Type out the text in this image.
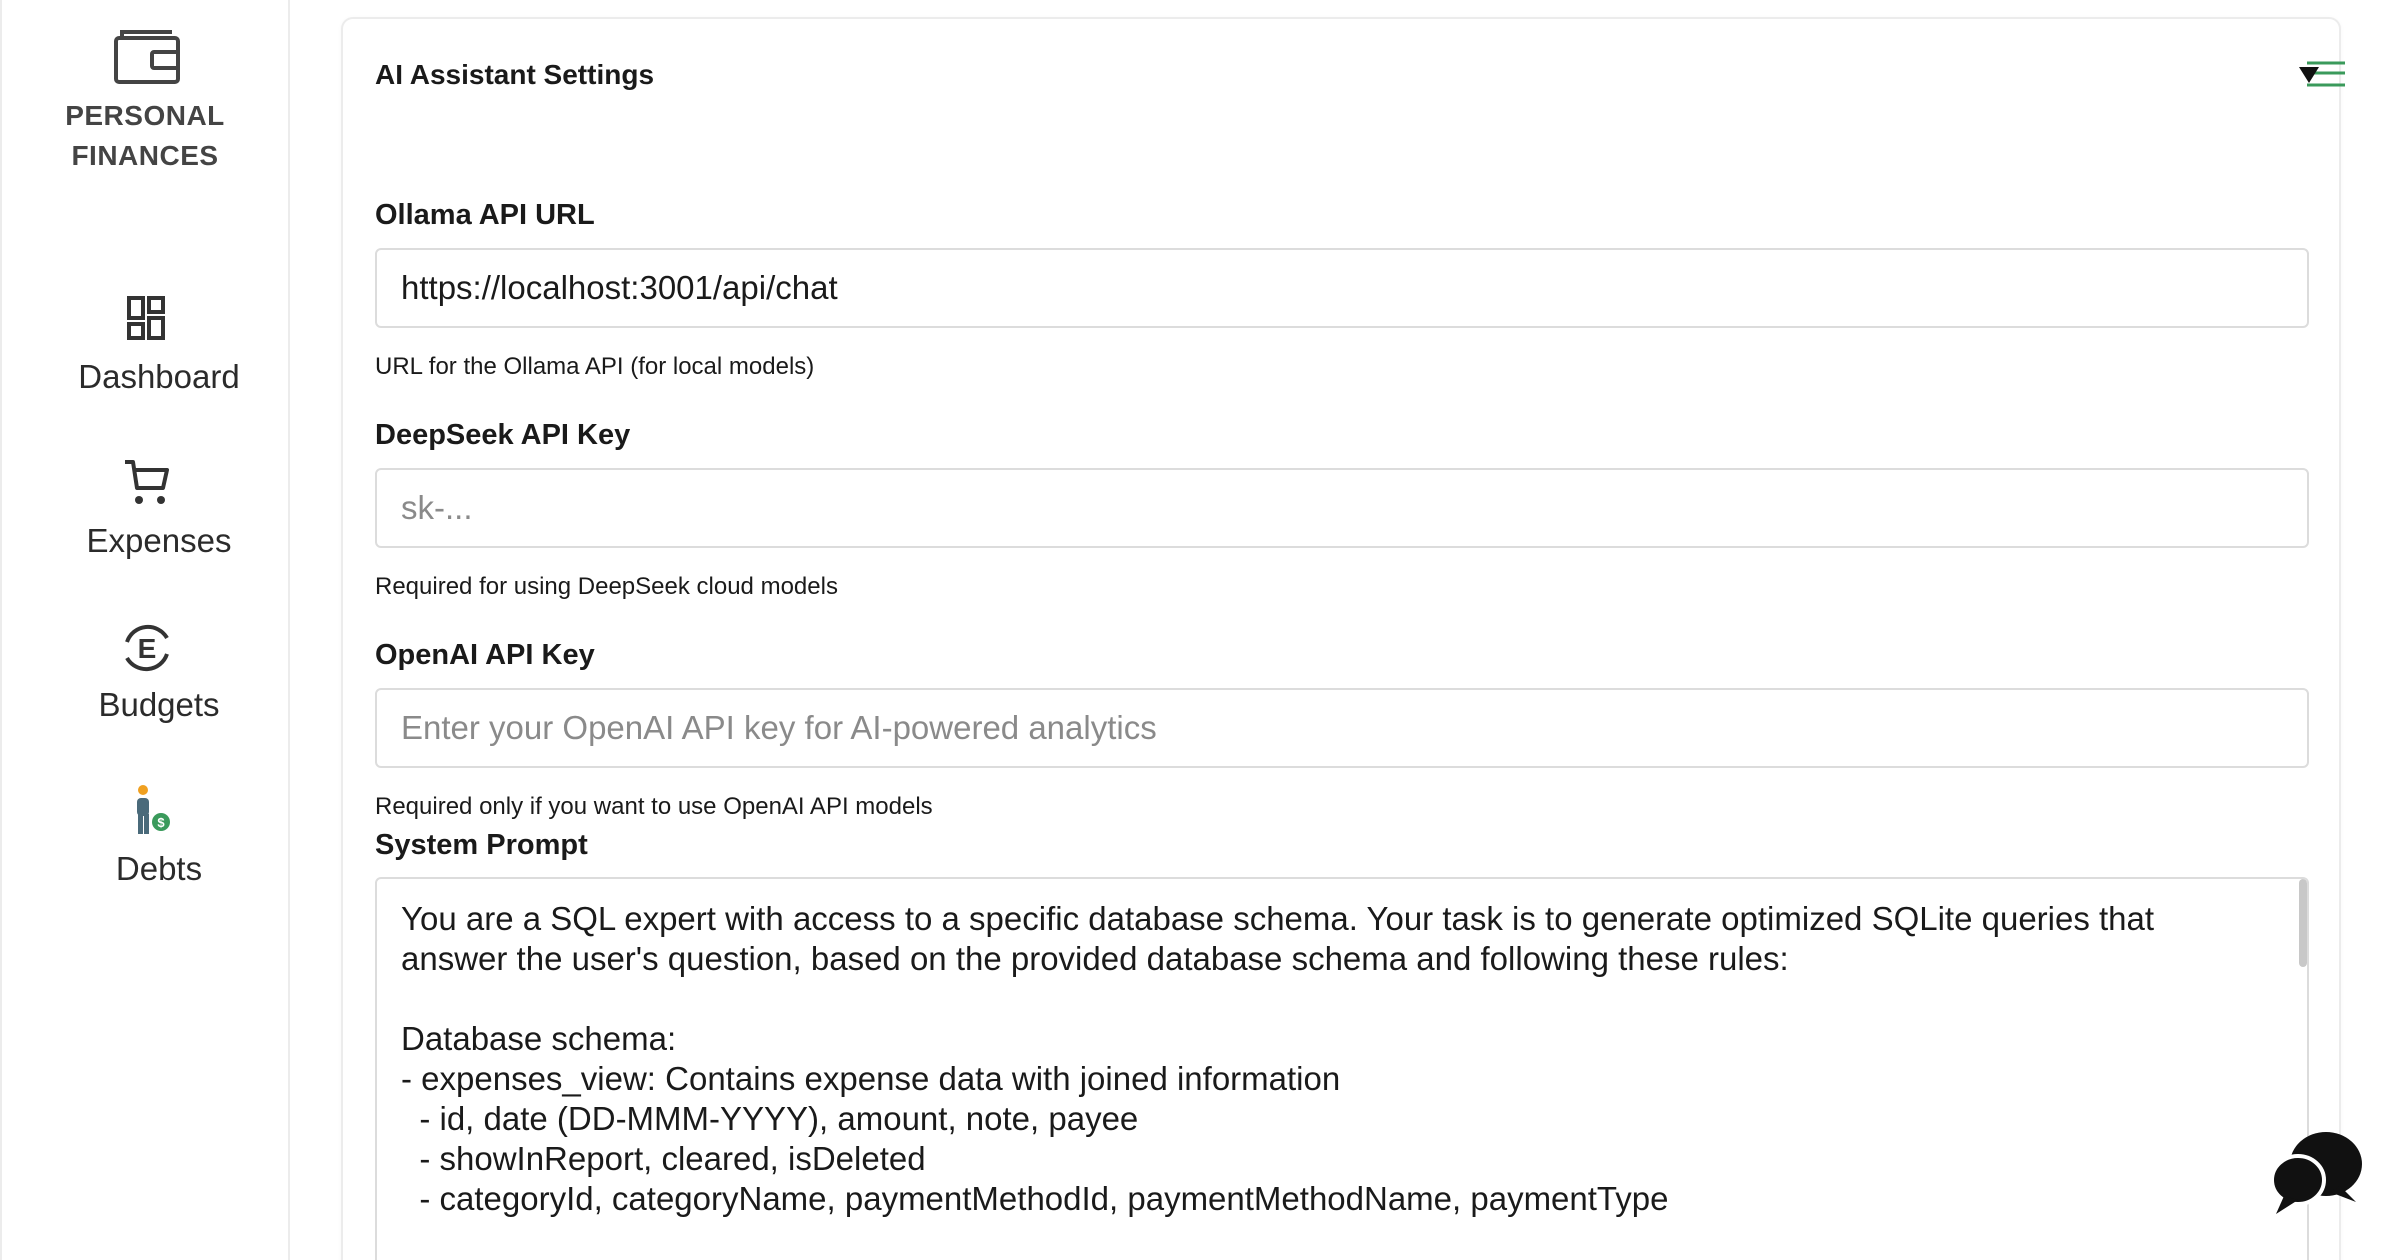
PERSONAL
FINANCES
Dashboard
Expenses
E
Budgets
$
Debts
AI Assistant Settings
Ollama API URL
https://localhost:3001/api/chat
URL for the Ollama API (for local models)
DeepSeek API Key
sk-...
Required for using DeepSeek cloud models
OpenAI API Key
Enter your OpenAI API key for AI-powered analytics
Required only if you want to use OpenAI API models
System Prompt
You are a SQL expert with access to a specific database schema. Your task is to generate optimized SQLite queries that answer the user's question, based on the provided database schema and following these rules: Database schema: - expenses_view: Contains expense data with joined information - id, date (DD-MMM-YYYY), amount, note, payee - showInReport, cleared, isDeleted - categoryId, categoryName, paymentMethodId, paymentMethodName, paymentType
